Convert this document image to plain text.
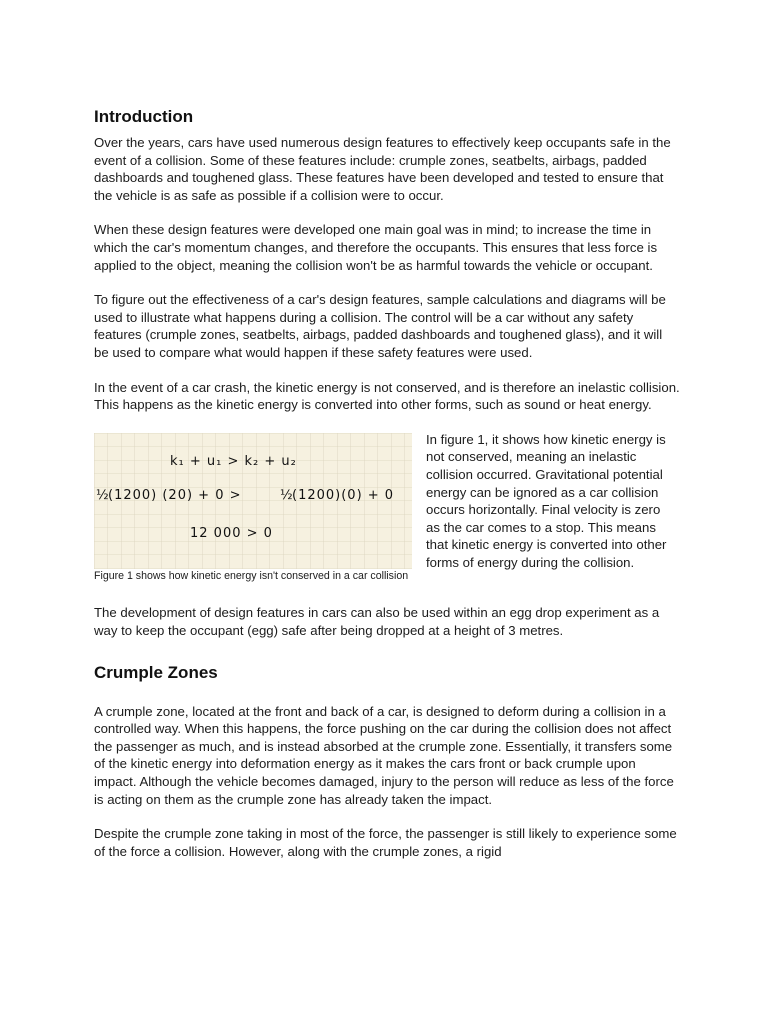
Introduction

Over the years, cars have used numerous design features to effectively keep occupants safe in the event of a collision. Some of these features include: crumple zones, seatbelts, airbags, padded dashboards and toughened glass. These features have been developed and tested to ensure that the vehicle is as safe as possible if a collision were to occur.

When these design features were developed one main goal was in mind; to increase the time in which the car's momentum changes, and therefore the occupants. This ensures that less force is applied to the object, meaning the collision won't be as harmful towards the vehicle or occupant.

To figure out the effectiveness of a car's design features, sample calculations and diagrams will be used to illustrate what happens during a collision. The control will be a car without any safety features (crumple zones, seatbelts, airbags, padded dashboards and toughened glass), and it will be used to compare what would happen if these safety features were used.

In the event of a car crash, the kinetic energy is not conserved, and is therefore an inelastic collision. This happens as the kinetic energy is converted into other forms, such as sound or heat energy.

k₁ + u₁ > k₂ + u₂
½
(1200) (20) + 0 >	½
(1200)(0) + 0
12 000 > 0

In figure 1, it shows how kinetic energy is not conserved, meaning an inelastic collision occurred. Gravitational potential energy can be ignored as a car collision occurs horizontally. Final velocity is zero as the car comes to a stop. This means that kinetic energy is converted into other forms of energy during the collision.

Figure 1 shows how kinetic energy isn't conserved in a car collision

The development of design features in cars can also be used within an egg drop experiment as a way to keep the occupant (egg) safe after being dropped at a height of 3 metres.

Crumple Zones

A crumple zone, located at the front and back of a car, is designed to deform during a collision in a controlled way. When this happens, the force pushing on the car during the collision does not affect the passenger as much, and is instead absorbed at the crumple zone. Essentially, it transfers some of the kinetic energy into deformation energy as it makes the cars front or back crumple upon impact. Although the vehicle becomes damaged, injury to the person will reduce as less of the force is acting on them as the crumple zone has already taken the impact.

Despite the crumple zone taking in most of the force, the passenger is still likely to experience some of the force a collision. However, along with the crumple zones, a rigid
